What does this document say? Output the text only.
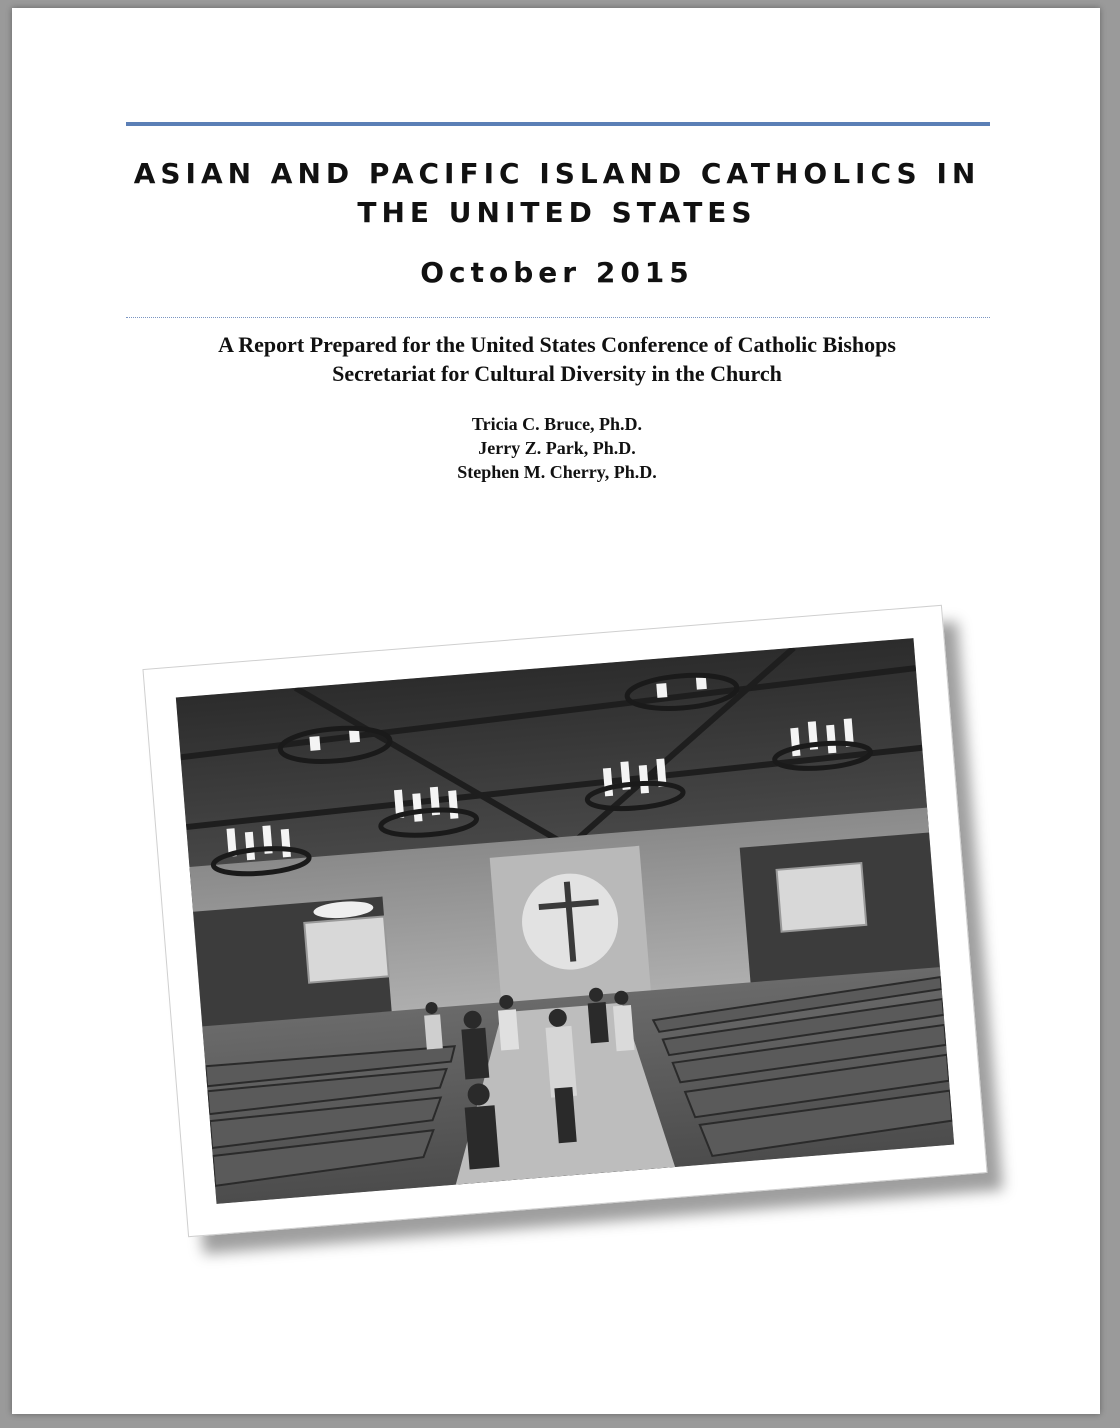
ASIAN AND PACIFIC ISLAND CATHOLICS IN
THE UNITED STATES
October 2015
A Report Prepared for the United States Conference of Catholic Bishops
Secretariat for Cultural Diversity in the Church
Tricia C. Bruce, Ph.D.
Jerry Z. Park, Ph.D.
Stephen M. Cherry, Ph.D.
